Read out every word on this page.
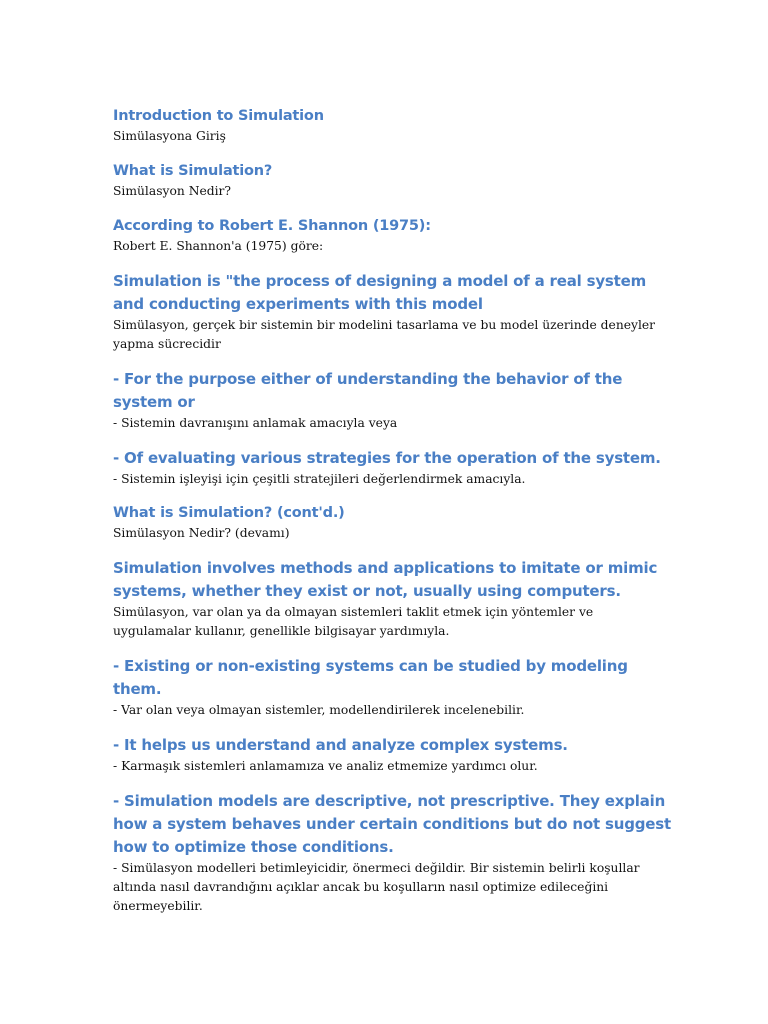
Introduction to Simulation

Simülasyona Giriş

What is Simulation?

Simülasyon Nedir?

According to Robert E. Shannon (1975):

Robert E. Shannon'a (1975) göre:

Simulation is "the process of designing a model of a real system and conducting experiments with this model

Simülasyon, gerçek bir sistemin bir modelini tasarlama ve bu model üzerinde deneyler yapma sücrecidir

- For the purpose either of understanding the behavior of the system or

- Sistemin davranışını anlamak amacıyla veya

- Of evaluating various strategies for the operation of the system.

- Sistemin işleyişi için çeşitli stratejileri değerlendirmek amacıyla.

What is Simulation? (cont'd.)

Simülasyon Nedir? (devamı)

Simulation involves methods and applications to imitate or mimic systems, whether they exist or not, usually using computers.

Simülasyon, var olan ya da olmayan sistemleri taklit etmek için yöntemler ve uygulamalar kullanır, genellikle bilgisayar yardımıyla.

- Existing or non-existing systems can be studied by modeling them.

- Var olan veya olmayan sistemler, modellendirilerek incelenebilir.

- It helps us understand and analyze complex systems.

- Karmaşık sistemleri anlamamıza ve analiz etmemize yardımcı olur.

- Simulation models are descriptive, not prescriptive. They explain how a system behaves under certain conditions but do not suggest how to optimize those conditions.

- Simülasyon modelleri betimleyicidir, önermeci değildir. Bir sistemin belirli koşullar altında nasıl davrandığını açıklar ancak bu koşulların nasıl optimize edileceğini önermeyebilir.
